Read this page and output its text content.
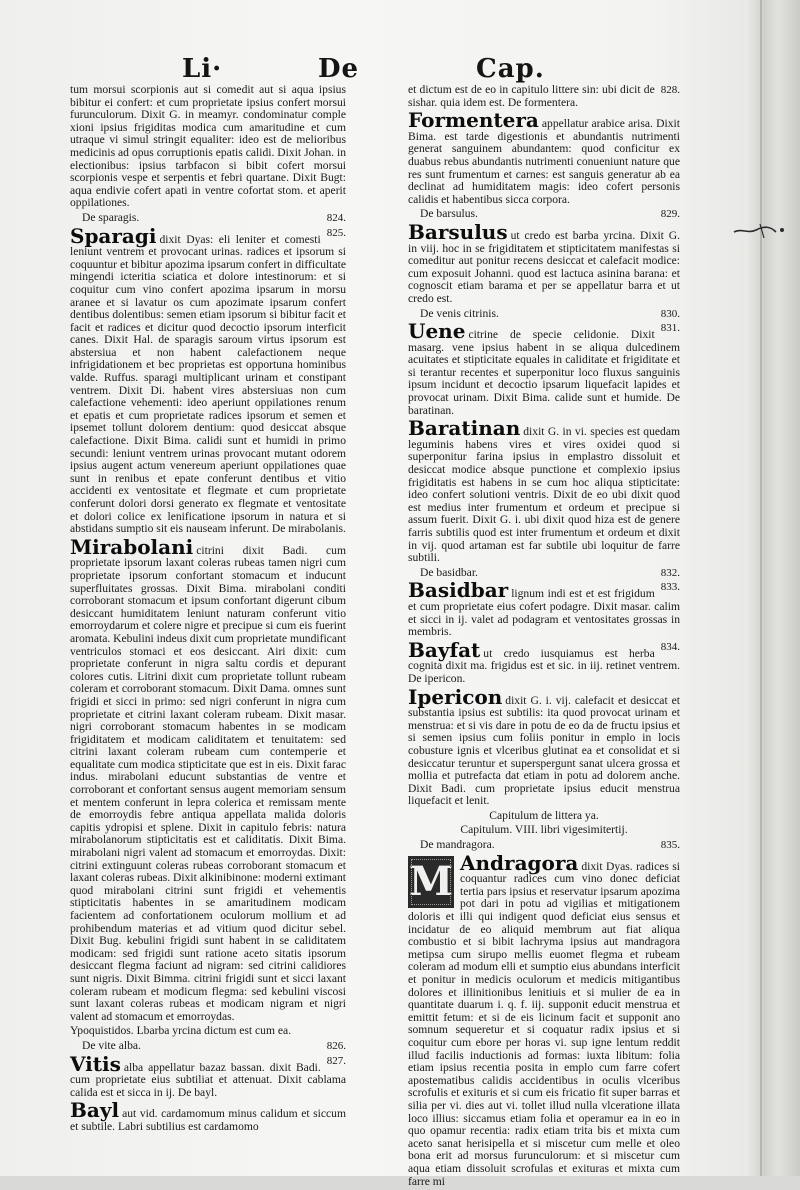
Li·	De	Cap.
tum morsui scorpionis aut si comedit aut si aqua ipsius bibitur ei confert: et cum proprietate ipsius confert morsui furunculorum. Dixit G. in meamyr. condominatur comple xioni ipsius frigiditas modica cum amaritudine et cum utraque vi simul stringit equaliter: ideo est de melioribus medicinis ad opus corruptionis epatis calidi. Dixit Johan. in electionibus: ipsius tarbfacon si bibit cofert morsui scorpionis vespe et serpentis et febri quartane. Dixit Bugt: aqua endivie cofert apati in ventre cofortat stom. et aperit oppilationes.
824.
De sparagis.
825.
Sparagi dixit Dyas: eli leniter et comesti leniunt ventrem et provocant urinas. radices et ipsorum si coquuntur et bibitur apozima ipsarum confert in difficultate mingendi icteritia sciatica et dolore intestinorum: et si coquitur cum vino confert apozima ipsarum in morsu aranee et si lavatur os cum apozimate ipsarum confert dentibus dolentibus: semen etiam ipsorum si bibitur facit et facit et radices et dicitur quod decoctio ipsorum interficit canes. Dixit Hal. de sparagis saroum virtus ipsorum est abstersiua et non habent calefactionem neque infrigidationem et bec proprietas est opportuna hominibus valde. Ruffus. sparagi multiplicant urinam et constipant ventrem. Dixit Di. habent vires abstersiuas non cum calefactione vehementi: ideo aperiunt oppilationes renum et epatis et cum proprietate radices ipsorum et semen et ipsemet tollunt dolorem dentium: quod desiccat absque calefactione. Dixit Bima. calidi sunt et humidi in primo secundi: leniunt ventrem urinas provocant mutant odorem ipsius augent actum venereum aperiunt oppilationes quae sunt in renibus et epate conferunt dentibus et vitio accidenti ex ventositate et flegmate et cum proprietate conferunt dolori dorsi generato ex flegmate et ventositate et dolori colice ex lenificatione ipsorum in natura et si abstidans sumptio sit eis nauseam inferunt. De mirabolanis.
Mirabolani citrini dixit Badi. cum proprietate ipsorum laxant coleras rubeas tamen nigri cum proprietate ipsorum confortant stomacum et inducunt superfluitates grossas. Dixit Bima. mirabolani conditi corroborant stomacum et ipsum confortant digerunt cibum desiccant humiditatem leniunt naturam conferunt vitio emorroydarum et colere nigre et precipue si cum eis fuerint aromata. Kebulini indeus dixit cum proprietate mundificant ventriculos stomaci et eos desiccant. Airi dixit: cum proprietate conferunt in nigra saltu cordis et depurant colores cutis. Litrini dixit cum proprietate tollunt rubeam coleram et corroborant stomacum. Dixit Dama. omnes sunt frigidi et sicci in primo: sed nigri conferunt in nigra cum proprietate et citrini laxant coleram rubeam. Dixit masar. nigri corroborant stomacum habentes in se modicam frigiditatem et modicam caliditatem et tenuitatem: sed citrini laxant coleram rubeam cum contemperie et equalitate cum modica stipticitate que est in eis. Dixit farac indus. mirabolani educunt substantias de ventre et corroborant et confortant sensus augent memoriam sensum et mentem conferunt in lepra colerica et remissam mente de emorroydis febre antiqua appellata malida doloris capitis ydropisi et splene. Dixit in capitulo febris: natura mirabolanorum stipticitatis est et caliditatis. Dixit Bima. mirabolani nigri valent ad stomacum et emorroydas. Dixit: citrini extinguunt coleras rubeas corroborant stomacum et laxant coleras rubeas. Dixit alkinibinone: moderni extimant quod mirabolani citrini sunt frigidi et vehementis stipticitatis habentes in se amaritudinem modicam facientem ad confortationem oculorum mollium et ad prohibendum materias et ad vitium quod dicitur sebel. Dixit Bug. kebulini frigidi sunt habent in se caliditatem modicam: sed frigidi sunt ratione aceto sitatis ipsorum desiccant flegma faciunt ad nigram: sed citrini calidiores sunt nigris. Dixit Bimma. citrini frigidi sunt et sicci laxant coleram rubeam et modicum flegma: sed kebulini viscosi sunt laxant coleras rubeas et modicam nigram et nigri valent ad stomacum et emorroydas.
Ypoquistidos. Lbarba yrcina dictum est cum ea.
826.
De vite alba.
827.
Vitis alba appellatur bazaz bassan. dixit Badi. cum proprietate eius subtiliat et attenuat. Dixit cablama calida est et sicca in ij. De bayl.
Bayl aut vid. cardamomum minus calidum et siccum et subtile. Labri subtilius est cardamomo
828.
et dictum est de eo in capitulo littere sin: ubi dicit de sishar. quia idem est. De formentera.
Formentera appellatur arabice arisa. Dixit Bima. est tarde digestionis et abundantis nutrimenti generat sanguinem abundantem: quod conficitur ex duabus rebus abundantis nutrimenti conueniunt nature que res sunt frumentum et carnes: est sanguis generatur ab ea declinat ad humiditatem magis: ideo cofert personis calidis et habentibus sicca corpora.
829.
De barsulus.
Barsulus ut credo est barba yrcina. Dixit G. in viij. hoc in se frigiditatem et stipticitatem manifestas si comeditur aut ponitur recens desiccat et calefacit modice: cum exposuit Johanni. quod est lactuca asinina barana: et cognoscit etiam barama et per se appellatur barra et ut credo est.
830.
De venis citrinis.
831.
Uene citrine de specie celidonie. Dixit masarg. vene ipsius habent in se aliqua dulcedinem acuitates et stipticitate equales in caliditate et frigiditate et si terantur recentes et superponitur loco fluxus sanguinis ipsum incidunt et decoctio ipsarum liquefacit lapides et provocat urinam. Dixit Bima. calide sunt et humide. De baratinan.
Baratinan dixit G. in vi. species est quedam leguminis habens vires et vires oxidei quod si superponitur farina ipsius in emplastro dissoluit et desiccat modice absque punctione et complexio ipsius frigiditatis est habens in se cum hoc aliqua stipticitate: ideo confert solutioni ventris. Dixit de eo ubi dixit quod est medius inter frumentum et ordeum et precipue si assum fuerit. Dixit G. i. ubi dixit quod hiza est de genere farris subtilis quod est inter frumentum et ordeum et dixit in vij. quod artaman est far subtile ubi loquitur de farre subtili.
832.
De basidbar.
833.
Basidbar lignum indi est et est frigidum et cum proprietate eius cofert podagre. Dixit masar. calim et sicci in ij. valet ad podagram et ventositates grossas in membris.
834.
Bayfat ut credo iusquiamus est herba cognita dixit ma. frigidus est et sic. in iij. retinet ventrem. De ipericon.
Ipericon dixit G. i. vij. calefacit et desiccat et substantia ipsius est subtilis: ita quod provocat urinam et menstrua: et si vis dare in potu de eo da de fructu ipsius et si semen ipsius cum foliis ponitur in emplo in locis cobusture ignis et vlceribus glutinat ea et consolidat et si desiccatur teruntur et superspergunt sanat ulcera grossa et mollia et putrefacta dat etiam in potu ad dolorem anche. Dixit Badi. cum proprietate ipsius educit menstrua liquefacit et lenit.
Capitulum de littera ya.
Capitulum. VIII. libri vigesimitertij.
835.
De mandragora.
M Andragora dixit Dyas. radices si coquantur radices cum vino donec deficiat tertia pars ipsius et reservatur ipsarum apozima pot dari in potu ad vigilias et mitigationem doloris et illi qui indigent quod deficiat eius sensus et incidatur de eo aliquid membrum aut fiat aliqua combustio et si bibit lachryma ipsius aut mandragora metipsa cum sirupo mellis euomet flegma et rubeam coleram ad modum elli et sumptio eius abundans interficit et ponitur in medicis oculorum et medicis mitigantibus dolores et illinitionibus lenitiuis et si mulier de ea in quantitate duarum i. q. f. iij. supponit educit menstrua et emittit fetum: et si de eis licinum facit et supponit ano somnum sequeretur et si coquatur radix ipsius et si coquitur cum ebore per horas vi. sup igne lentum reddit illud facilis inductionis ad formas: iuxta libitum: folia etiam ipsius recentia posita in emplo cum farre cofert apostematibus calidis accidentibus in oculis vlceribus scrofulis et exituris et si cum eis fricatio fit super barras et silia per vi. dies aut vi. tollet illud nulla vlceratione illata loco illius: siccamus etiam folia et operamur ea in eo in quo opamur recentia: radix etiam trita bis et mixta cum aceto sanat herisipella et si miscetur cum melle et oleo bona erit ad morsus furunculorum: et si miscetur cum aqua etiam dissoluit scrofulas et exituras et mixta cum farre mi
